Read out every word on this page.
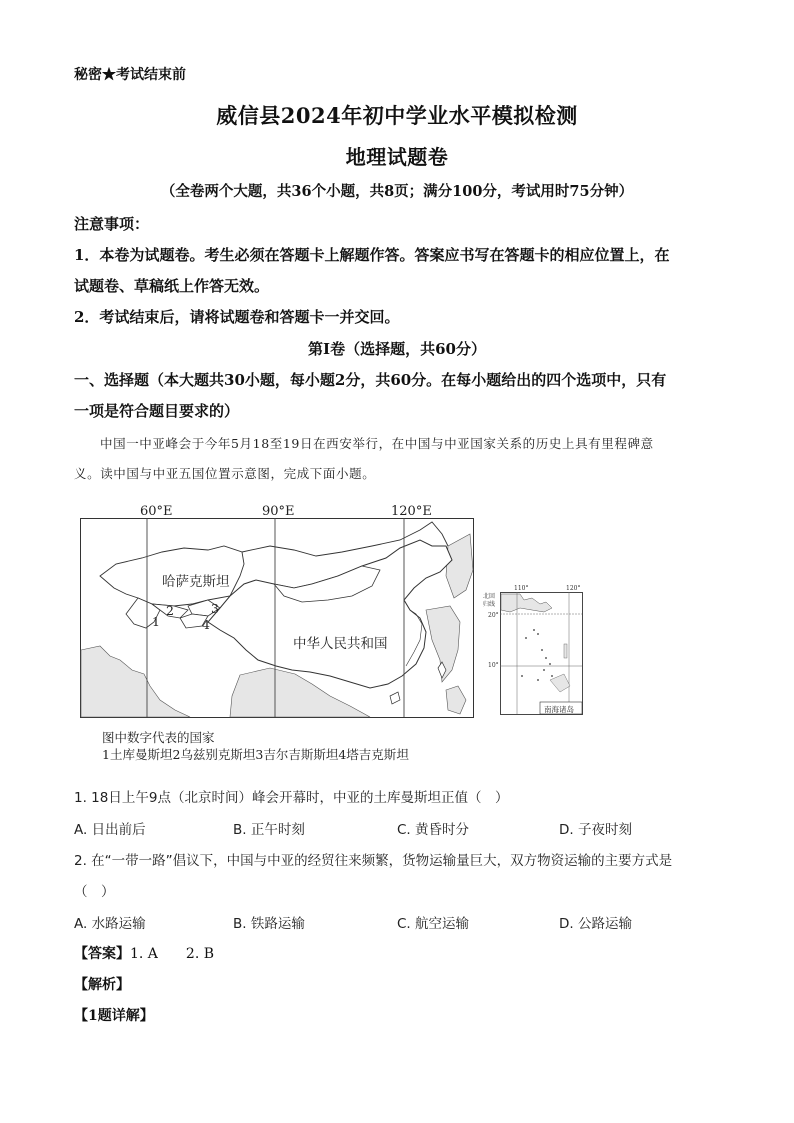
秘密★考试结束前
威信县2024年初中学业水平模拟检测
地理试题卷
（全卷两个大题，共36个小题，共8页；满分100分，考试用时75分钟）
注意事项：
1．本卷为试题卷。考生必须在答题卡上解题作答。答案应书写在答题卡的相应位置上，在
试题卷、草稿纸上作答无效。
2．考试结束后，请将试题卷和答题卡一并交回。
第Ⅰ卷（选择题，共60分）
一、选择题（本大题共30小题，每小题2分，共60分。在每小题给出的四个选项中，只有
一项是符合题目要求的）
中国一中亚峰会于今年5月18至19日在西安举行，在中国与中亚国家关系的历史上具有里程碑意
义。读中国与中亚五国位置示意图，完成下面小题。
60°E	90°E	120°E
哈萨克斯坦
中华人民共和国
1
2	3
4
110°	120°
北回
归线
20°
10°
南海诸岛
图中数字代表的国家
1土库曼斯坦2乌兹别克斯坦3吉尔吉斯斯坦4塔吉克斯坦
1. 18日上午9点（北京时间）峰会开幕时，中亚的土库曼斯坦正值（　）
A. 日出前后	B. 正午时刻	C. 黄昏时分	D. 子夜时刻
2. 在“一带一路”倡议下，中国与中亚的经贸往来频繁，货物运输量巨大，双方物资运输的主要方式是
（　）
A. 水路运输	B. 铁路运输	C. 航空运输	D. 公路运输
【答案】1. A　　2. B
【解析】
【1题详解】
